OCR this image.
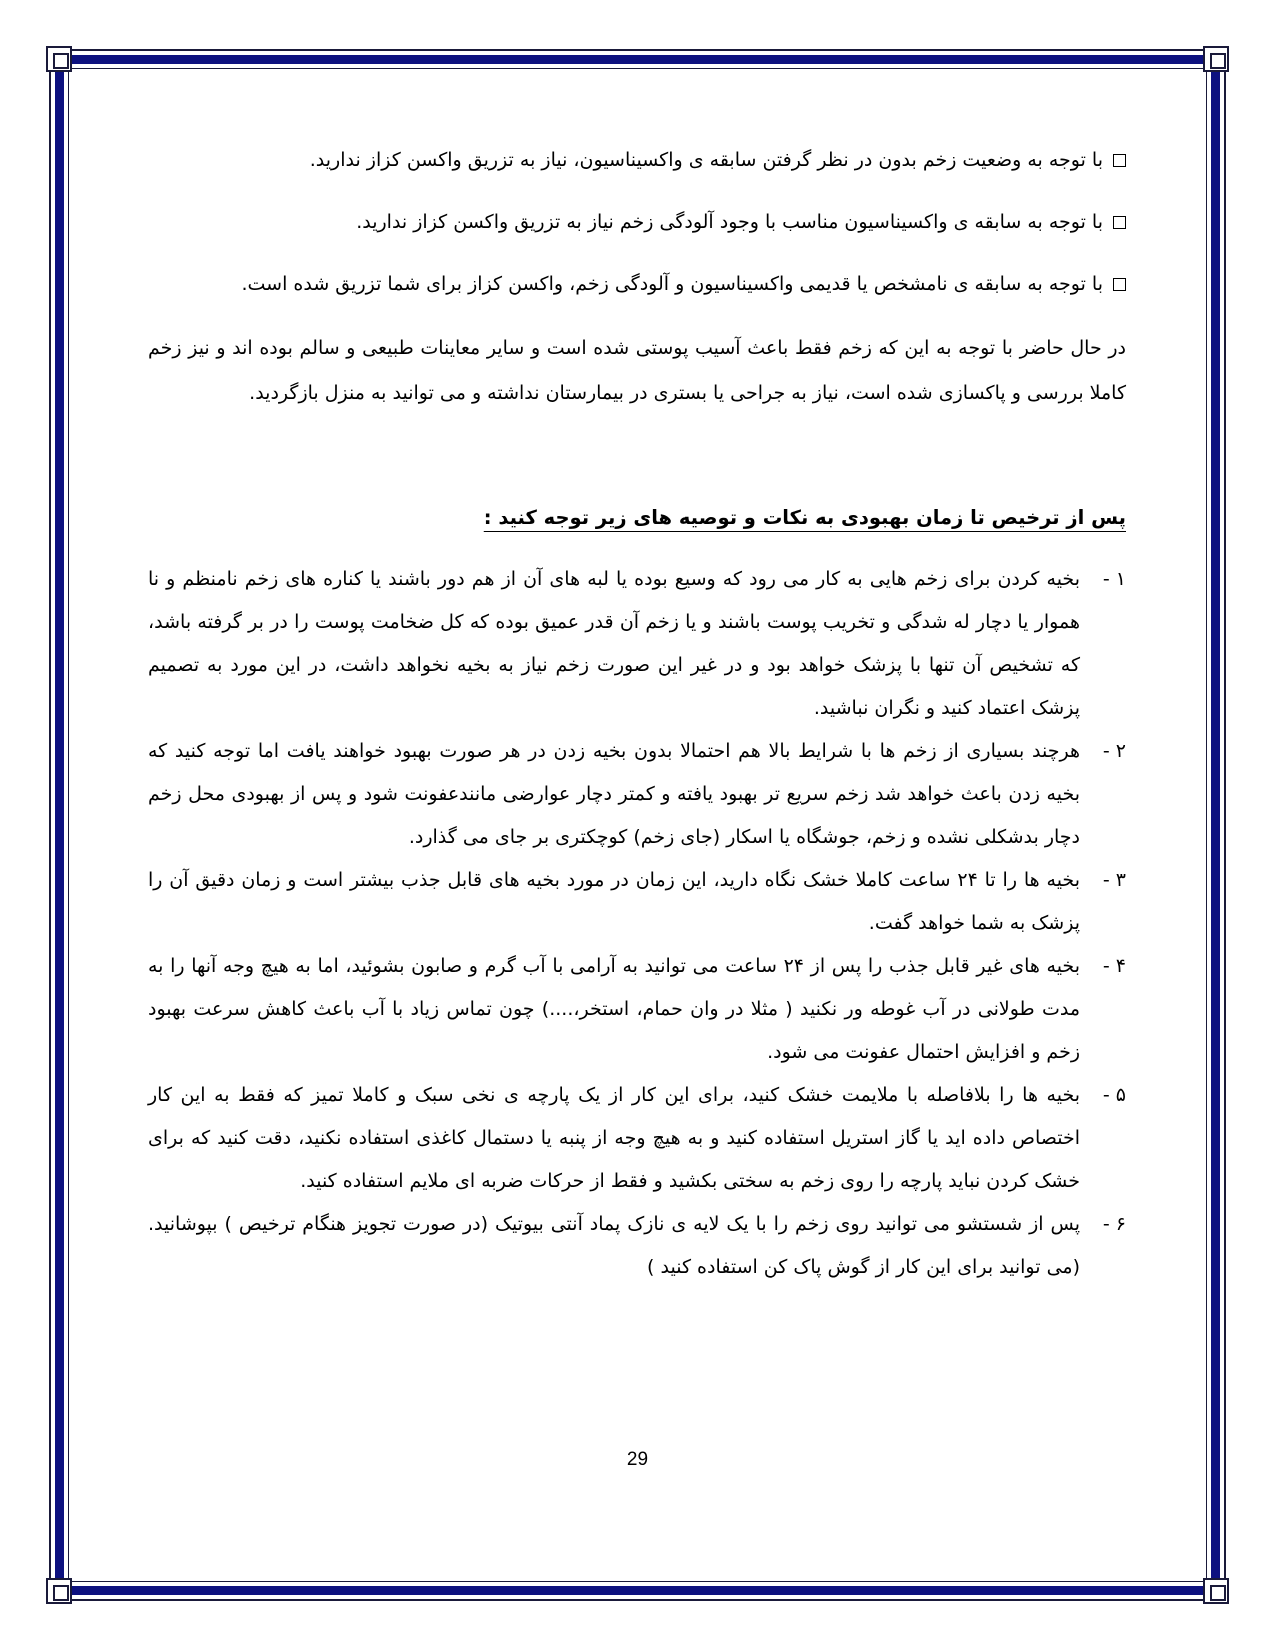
با توجه به وضعیت زخم بدون در نظر گرفتن سابقه ی واکسیناسیون، نیاز به تزریق واکسن کزاز ندارید.
با توجه به سابقه ی واکسیناسیون مناسب با وجود آلودگی زخم نیاز به تزریق واکسن کزاز ندارید.
با توجه به سابقه ی نامشخص یا قدیمی واکسیناسیون و آلودگی زخم، واکسن کزاز برای شما تزریق شده است.

در حال حاضر با توجه به این که زخم فقط باعث آسیب پوستی شده است و سایر معاینات طبیعی و سالم بوده اند و نیز زخم کاملا بررسی و پاکسازی شده است، نیاز به جراحی یا بستری در بیمارستان نداشته و می توانید به منزل بازگردید.

پس از ترخیص تا زمان بهبودی به نکات و توصیه های زیر توجه کنید :
۱ -
بخیه کردن برای زخم هایی به کار می رود که وسیع بوده یا لبه های آن از هم دور باشند یا کناره های زخم نامنظم و نا هموار یا دچار له شدگی و تخریب پوست باشند و یا زخم آن قدر عمیق بوده که کل ضخامت پوست را در بر گرفته باشد، که تشخیص آن تنها با پزشک خواهد بود و در غیر این صورت زخم نیاز به بخیه نخواهد داشت، در این مورد به تصمیم پزشک اعتماد کنید و نگران نباشید.
۲ -
هرچند بسیاری از زخم ها با شرایط بالا هم احتمالا بدون بخیه زدن در هر صورت بهبود خواهند یافت اما توجه کنید که بخیه زدن باعث خواهد شد زخم سریع تر بهبود یافته و کمتر دچار عوارضی مانندعفونت شود و پس از بهبودی محل زخم دچار بدشکلی نشده و زخم، جوشگاه یا اسکار (جای زخم) کوچکتری بر جای می گذارد.
۳ -
بخیه ها را تا ۲۴ ساعت کاملا خشک نگاه دارید، این زمان در مورد بخیه های قابل جذب بیشتر است و زمان دقیق آن را پزشک به شما خواهد گفت.
۴ -
بخیه های غیر قابل جذب را پس از ۲۴ ساعت می توانید به آرامی با آب گرم و صابون بشوئید، اما به هیچ وجه آنها را به مدت طولانی در آب غوطه ور نکنید ( مثلا در وان حمام، استخر،....) چون تماس زیاد با آب باعث کاهش سرعت بهبود زخم و افزایش احتمال عفونت می شود.
۵ -
بخیه ها را بلافاصله با ملایمت خشک کنید، برای این کار از یک پارچه ی نخی سبک و کاملا تمیز که فقط به این کار اختصاص داده اید یا گاز استریل استفاده کنید و به هیچ وجه از پنبه یا دستمال کاغذی استفاده نکنید، دقت کنید که برای خشک کردن نباید پارچه را روی زخم به سختی بکشید و فقط از حرکات ضربه ای ملایم استفاده کنید.
۶ -
پس از شستشو می توانید روی زخم را با یک لایه ی نازک پماد آنتی بیوتیک (در صورت تجویز هنگام ترخیص ) بپوشانید. (می توانید برای این کار از گوش پاک کن استفاده کنید )
29
